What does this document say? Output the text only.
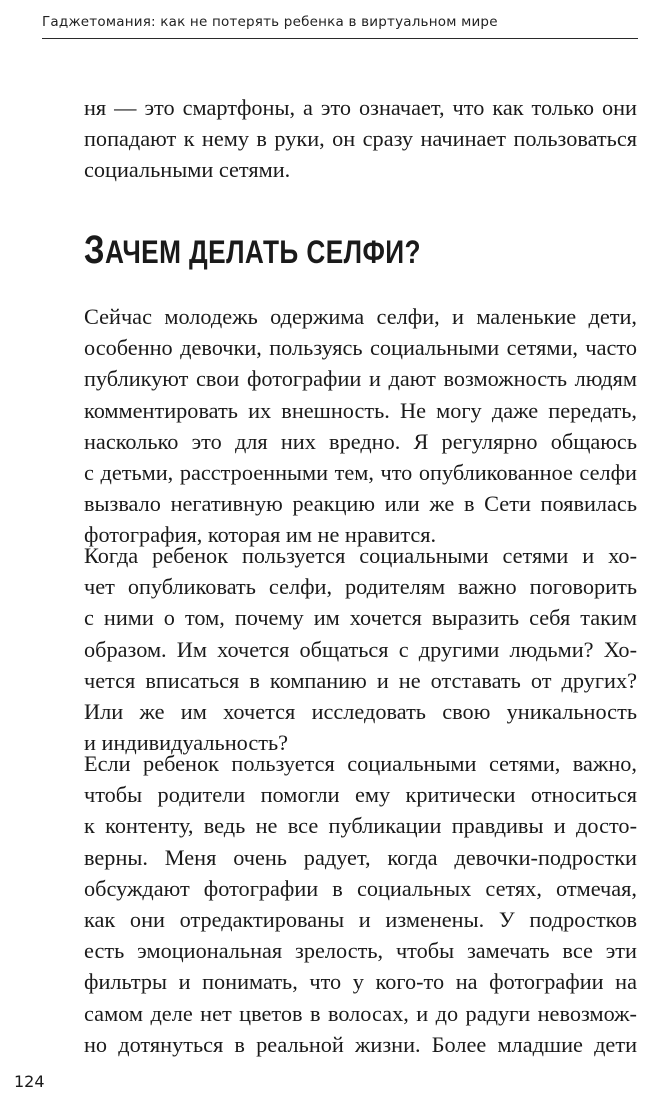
Гаджетомания: как не потерять ребенка в виртуальном мире
ня — это смартфоны, а это означает, что как только они
попадают к нему в руки, он сразу начинает пользоваться
социальными сетями.
ЗАЧЕМ ДЕЛАТЬ СЕЛФИ?
Сейчас молодежь одержима селфи, и маленькие дети,
особенно девочки, пользуясь социальными сетями, часто
публикуют свои фотографии и дают возможность людям
комментировать их внешность. Не могу даже передать,
насколько это для них вредно. Я регулярно общаюсь
с детьми, расстроенными тем, что опубликованное селфи
вызвало негативную реакцию или же в Сети появилась
фотография, которая им не нравится.
Когда ребенок пользуется социальными сетями и хо-
чет опубликовать селфи, родителям важно поговорить
с ними о том, почему им хочется выразить себя таким
образом. Им хочется общаться с другими людьми? Хо-
чется вписаться в компанию и не отставать от других?
Или же им хочется исследовать свою уникальность
и индивидуальность?
Если ребенок пользуется социальными сетями, важно,
чтобы родители помогли ему критически относиться
к контенту, ведь не все публикации правдивы и досто-
верны. Меня очень радует, когда девочки-подростки
обсуждают фотографии в социальных сетях, отмечая,
как они отредактированы и изменены. У подростков
есть эмоциональная зрелость, чтобы замечать все эти
фильтры и понимать, что у кого-то на фотографии на
самом деле нет цветов в волосах, и до радуги невозмож-
но дотянуться в реальной жизни. Более младшие дети
124
